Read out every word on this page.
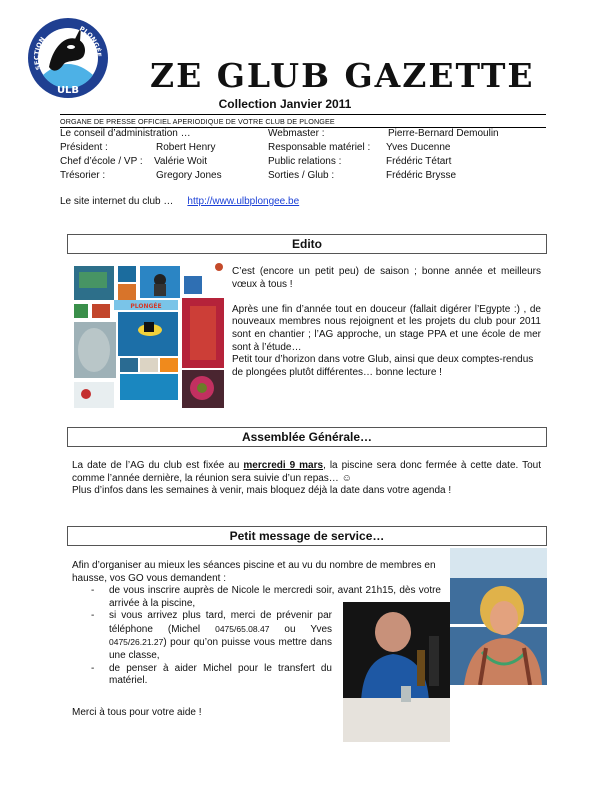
SECTION
PLONGÉE
ULB ZE GLUB GAZETTE
Collection Janvier 2011
ORGANE DE PRESSE OFFICIEL APERIODIQUE DE VOTRE CLUB DE PLONGEE
Le conseil d’administration …
Président :
Chef d’école / VP :
Trésorier :
Robert Henry
Valérie Woit
Gregory Jones
Webmaster :
Responsable matériel :
Public relations :
Sorties / Glub :
Pierre-Bernard Demoulin
Yves Ducenne
Frédéric Tétart
Frédéric Brysse
Le site internet du club … http://www.ulbplongee.be
Edito
PLONGÉE

C’est (encore un petit peu) de saison ; bonne année et meilleurs vœux à tous !

Après une fin d’année tout en douceur (fallait digérer l’Egypte :) , de nouveaux membres nous rejoignent et les projets du club pour 2011 sont en chantier ; l’AG approche, un stage PPA et une école de mer sont à l’étude…

Petit tour d’horizon dans votre Glub, ainsi que deux comptes-rendus de plongées plutôt différentes… bonne lecture !

Assemblée Générale…

La date de l’AG du club est fixée au mercredi 9 mars, la piscine sera donc fermée à cette date. Tout comme l’année dernière, la réunion sera suivie d’un repas… ☺

Plus d’infos dans les semaines à venir, mais bloquez déjà la date dans votre agenda !

Petit message de service…
Afin d’organiser au mieux les séances piscine et au vu du nombre de membres en hausse, vos GO vous demandent :
- de vous inscrire auprès de Nicole le mercredi soir, avant 21h15, dès votre arrivée à la piscine,
- si vous arrivez plus tard, merci de prévenir par téléphone (Michel 0475/65.08.47 ou Yves 0475/26.21.27) pour qu’on puisse vous mettre dans une classe,
- de penser à aider Michel pour le transfert du matériel.
Merci à tous pour votre aide !
